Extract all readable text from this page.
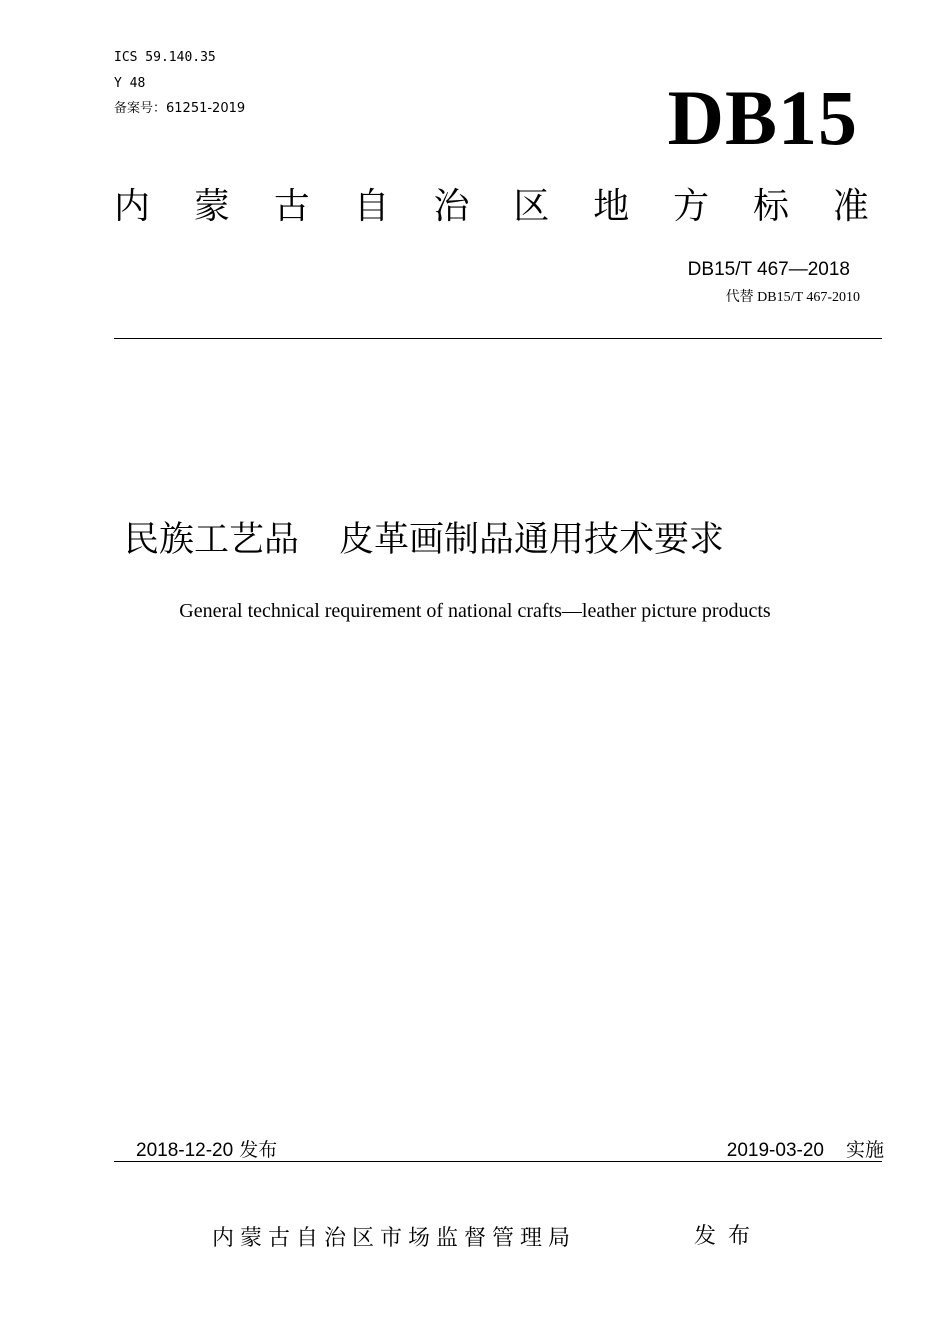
ICS 59.140.35
Y 48
备案号：61251-2019	DB15
内 蒙 古 自 治 区 地 方 标 准
DB15/T 467—2018
代替 DB15/T 467-2010
民族工艺品 皮革画制品通用技术要求
General technical requirement of national crafts—leather picture products
2018-12-20 发布	2019-03-20 实施
内蒙古自治区市场监督管理局	发布
